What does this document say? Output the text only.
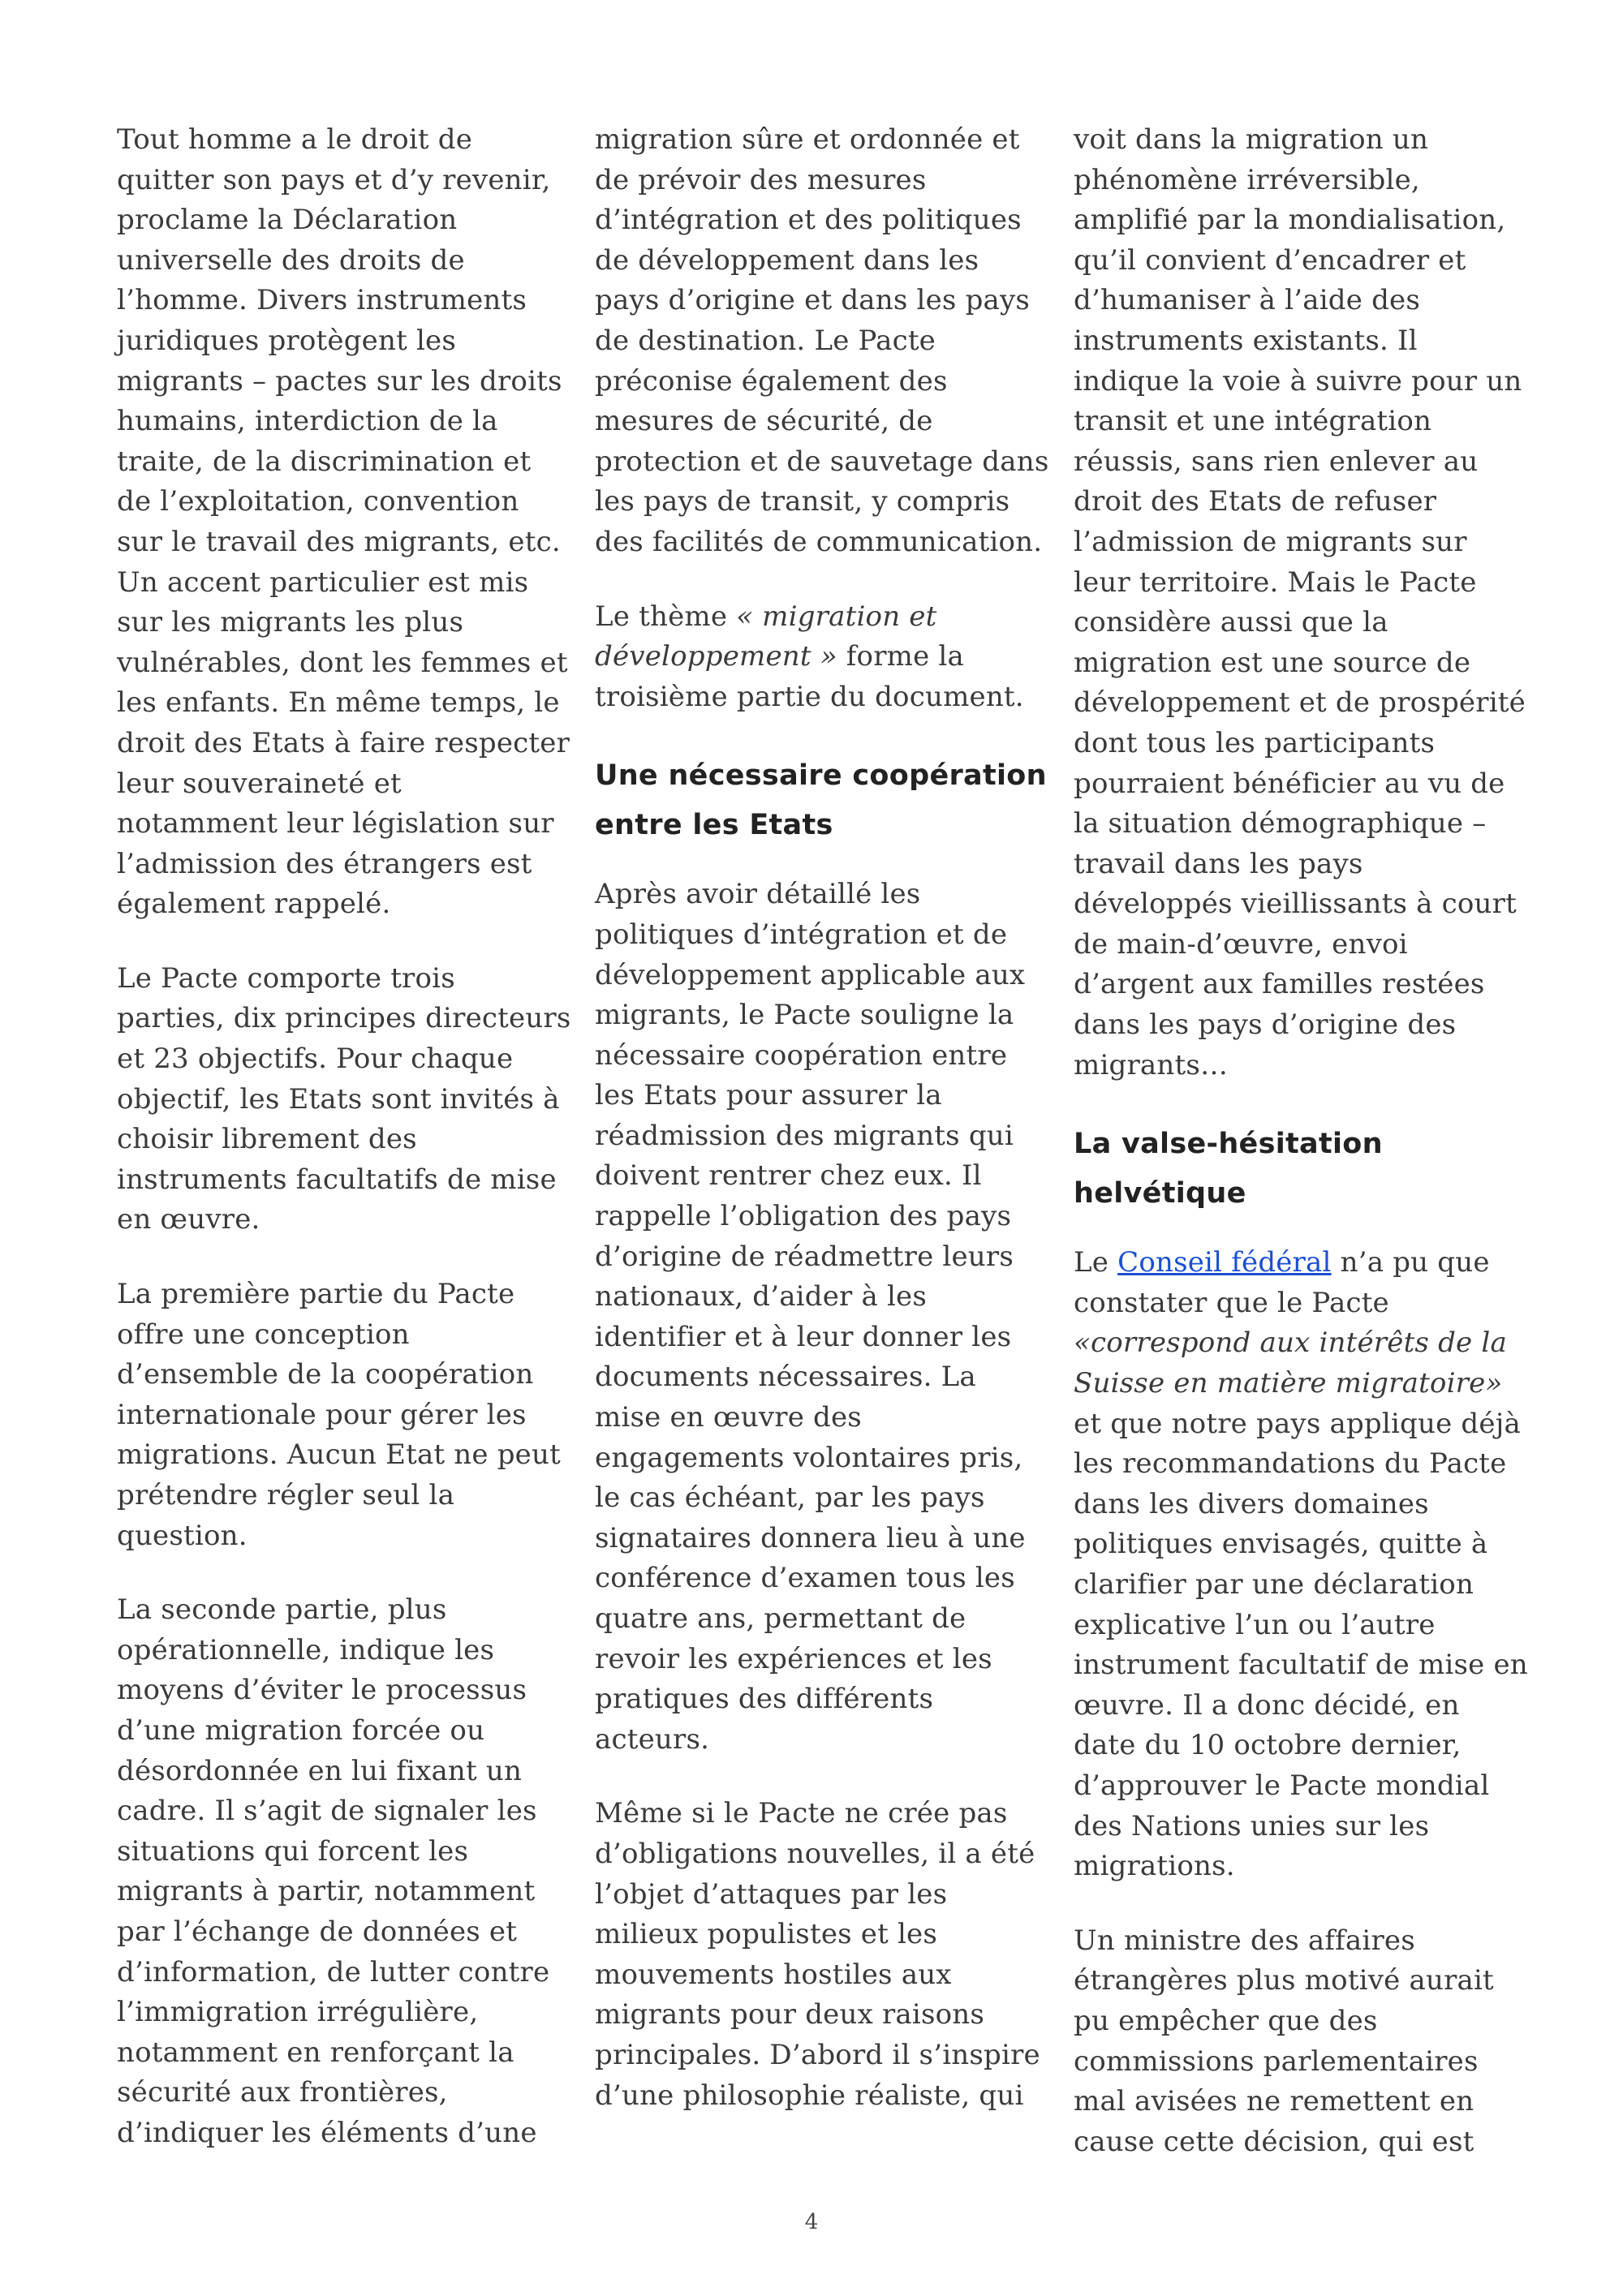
Tout homme a le droit de quitter son pays et d’y revenir, proclame la Déclaration universelle des droits de l’homme. Divers instruments juridiques protègent les migrants – pactes sur les droits humains, interdiction de la traite, de la discrimination et de l’exploitation, convention sur le travail des migrants, etc. Un accent particulier est mis sur les migrants les plus vulnérables, dont les femmes et les enfants. En même temps, le droit des Etats à faire respecter leur souveraineté et notamment leur législation sur l’admission des étrangers est également rappelé.

Le Pacte comporte trois parties, dix principes directeurs et 23 objectifs. Pour chaque objectif, les Etats sont invités à choisir librement des instruments facultatifs de mise en œuvre.

La première partie du Pacte offre une conception d’ensemble de la coopération internationale pour gérer les migrations. Aucun Etat ne peut prétendre régler seul la question.

La seconde partie, plus opérationnelle, indique les moyens d’éviter le processus d’une migration forcée ou désordonnée en lui fixant un cadre. Il s’agit de signaler les situations qui forcent les migrants à partir, notamment par l’échange de données et d’information, de lutter contre l’immigration irrégulière, notamment en renforçant la sécurité aux frontières, d’indiquer les éléments d’une

migration sûre et ordonnée et de prévoir des mesures d’intégration et des politiques de développement dans les pays d’origine et dans les pays de destination. Le Pacte préconise également des mesures de sécurité, de protection et de sauvetage dans les pays de transit, y compris des facilités de communication.

Le thème « migration et développement » forme la troisième partie du document.

Une nécessaire coopération entre les Etats

Après avoir détaillé les politiques d’intégration et de développement applicable aux migrants, le Pacte souligne la nécessaire coopération entre les Etats pour assurer la réadmission des migrants qui doivent rentrer chez eux. Il rappelle l’obligation des pays d’origine de réadmettre leurs nationaux, d’aider à les identifier et à leur donner les documents nécessaires. La mise en œuvre des engagements volontaires pris, le cas échéant, par les pays signataires donnera lieu à une conférence d’examen tous les quatre ans, permettant de revoir les expériences et les pratiques des différents acteurs.

Même si le Pacte ne crée pas d’obligations nouvelles, il a été l’objet d’attaques par les milieux populistes et les mouvements hostiles aux migrants pour deux raisons principales. D’abord il s’inspire d’une philosophie réaliste, qui

voit dans la migration un phénomène irréversible, amplifié par la mondialisation, qu’il convient d’encadrer et d’humaniser à l’aide des instruments existants. Il indique la voie à suivre pour un transit et une intégration réussis, sans rien enlever au droit des Etats de refuser l’admission de migrants sur leur territoire. Mais le Pacte considère aussi que la migration est une source de développement et de prospérité dont tous les participants pourraient bénéficier au vu de la situation démographique – travail dans les pays développés vieillissants à court de main-d’œuvre, envoi d’argent aux familles restées dans les pays d’origine des migrants…

La valse-hésitation helvétique

Le Conseil fédéral n’a pu que constater que le Pacte «correspond aux intérêts de la Suisse en matière migratoire» et que notre pays applique déjà les recommandations du Pacte dans les divers domaines politiques envisagés, quitte à clarifier par une déclaration explicative l’un ou l’autre instrument facultatif de mise en œuvre. Il a donc décidé, en date du 10 octobre dernier, d’approuver le Pacte mondial des Nations unies sur les migrations.

Un ministre des affaires étrangères plus motivé aurait pu empêcher que des commissions parlementaires mal avisées ne remettent en cause cette décision, qui est

4
